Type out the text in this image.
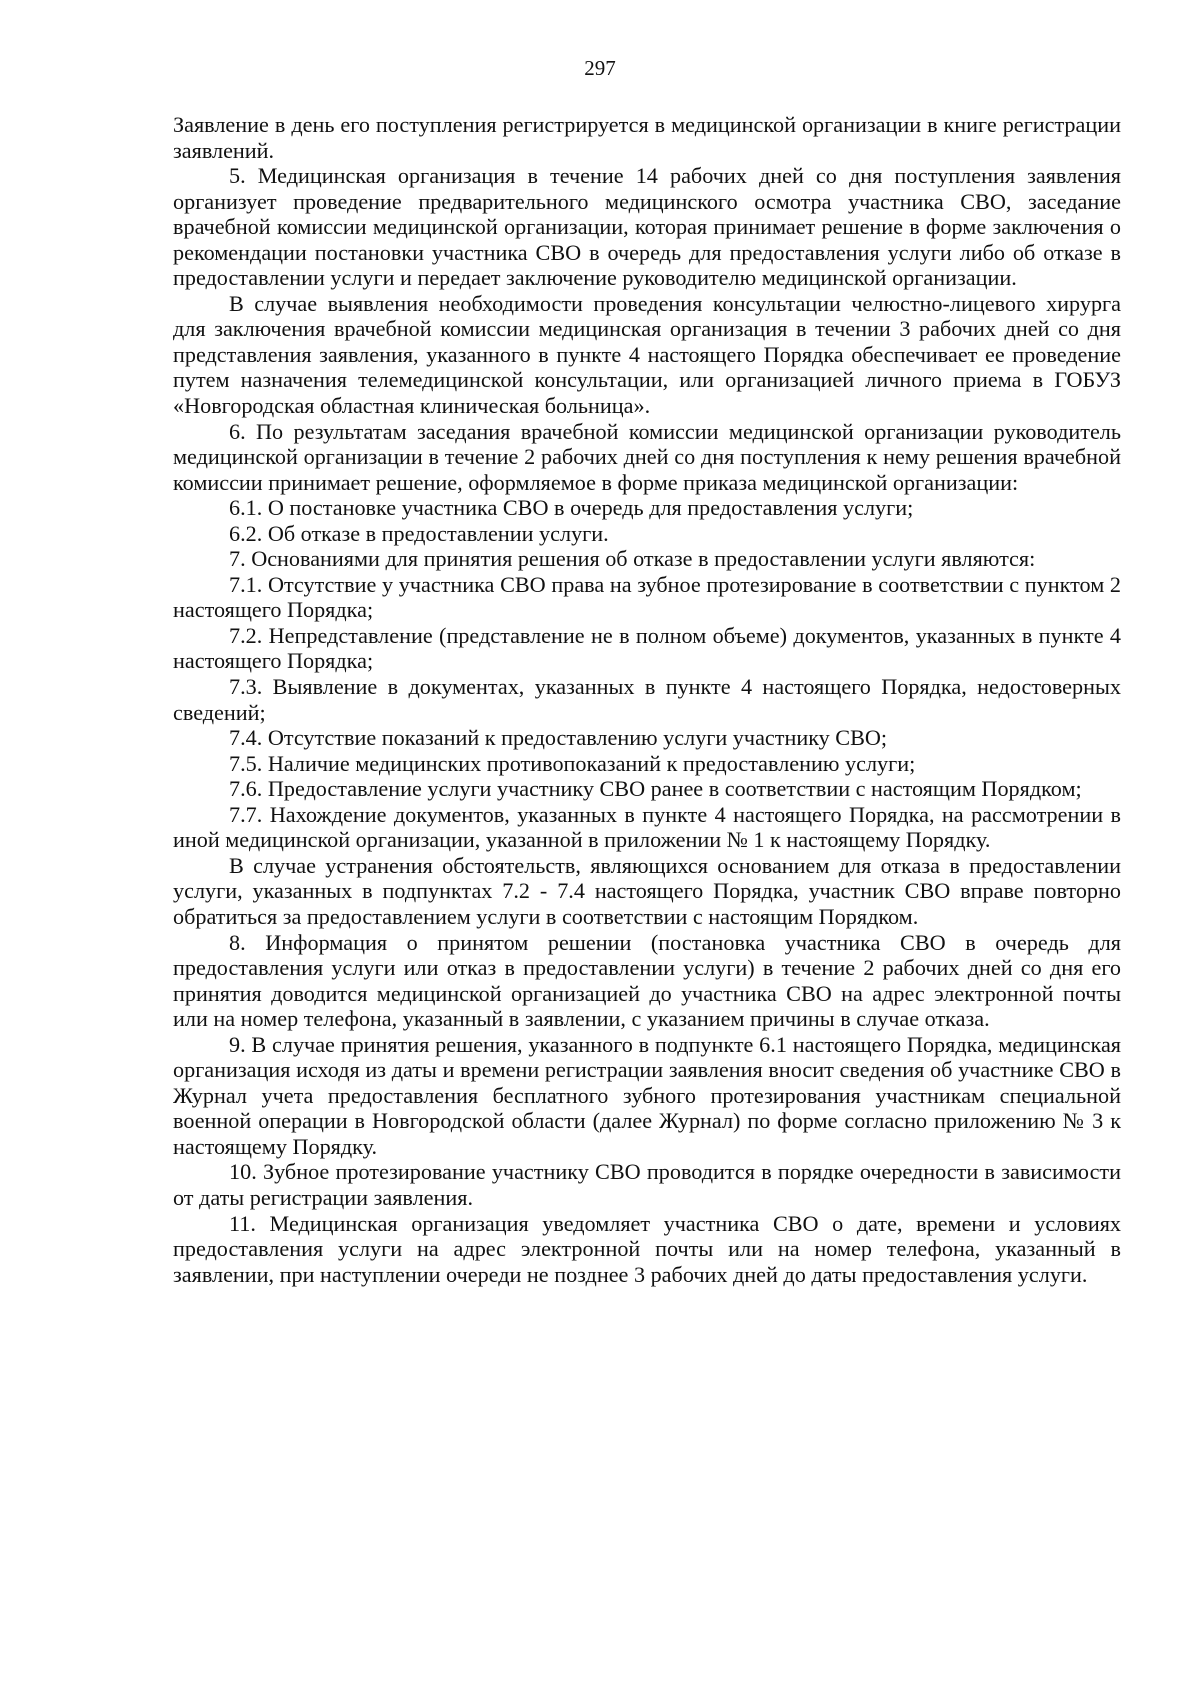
297

Заявление в день его поступления регистрируется в медицинской организации в книге регистрации заявлений.

5. Медицинская организация в течение 14 рабочих дней со дня поступления заявления организует проведение предварительного медицинского осмотра участника СВО, заседание врачебной комиссии медицинской организации, которая принимает решение в форме заключения о рекомендации постановки участника СВО в очередь для предоставления услуги либо об отказе в предоставлении услуги и передает заключение руководителю медицинской организации.

В случае выявления необходимости проведения консультации челюстно-лицевого хирурга для заключения врачебной комиссии медицинская организация в течении 3 рабочих дней со дня представления заявления, указанного в пункте 4 настоящего Порядка обеспечивает ее проведение путем назначения телемедицинской консультации, или организацией личного приема в ГОБУЗ «Новгородская областная клиническая больница».

6. По результатам заседания врачебной комиссии медицинской организации руководитель медицинской организации в течение 2 рабочих дней со дня поступления к нему решения врачебной комиссии принимает решение, оформляемое в форме приказа медицинской организации:

6.1. О постановке участника СВО в очередь для предоставления услуги;

6.2. Об отказе в предоставлении услуги.

7. Основаниями для принятия решения об отказе в предоставлении услуги являются:

7.1. Отсутствие у участника СВО права на зубное протезирование в соответствии с пунктом 2 настоящего Порядка;

7.2. Непредставление (представление не в полном объеме) документов, указанных в пункте 4 настоящего Порядка;

7.3. Выявление в документах, указанных в пункте 4 настоящего Порядка, недостоверных сведений;

7.4. Отсутствие показаний к предоставлению услуги участнику СВО;

7.5. Наличие медицинских противопоказаний к предоставлению услуги;

7.6. Предоставление услуги участнику СВО ранее в соответствии с настоящим Порядком;

7.7. Нахождение документов, указанных в пункте 4 настоящего Порядка, на рассмотрении в иной медицинской организации, указанной в приложении № 1 к настоящему Порядку.

В случае устранения обстоятельств, являющихся основанием для отказа в предоставлении услуги, указанных в подпунктах 7.2 - 7.4 настоящего Порядка, участник СВО вправе повторно обратиться за предоставлением услуги в соответствии с настоящим Порядком.

8. Информация о принятом решении (постановка участника СВО в очередь для предоставления услуги или отказ в предоставлении услуги) в течение 2 рабочих дней со дня его принятия доводится медицинской организацией до участника СВО на адрес электронной почты или на номер телефона, указанный в заявлении, с указанием причины в случае отказа.

9. В случае принятия решения, указанного в подпункте 6.1 настоящего Порядка, медицинская организация исходя из даты и времени регистрации заявления вносит сведения об участнике СВО в Журнал учета предоставления бесплатного зубного протезирования участникам специальной военной операции в Новгородской области (далее Журнал) по форме согласно приложению № 3 к настоящему Порядку.

10. Зубное протезирование участнику СВО проводится в порядке очередности в зависимости от даты регистрации заявления.

11. Медицинская организация уведомляет участника СВО о дате, времени и условиях предоставления услуги на адрес электронной почты или на номер телефона, указанный в заявлении, при наступлении очереди не позднее 3 рабочих дней до даты предоставления услуги.
